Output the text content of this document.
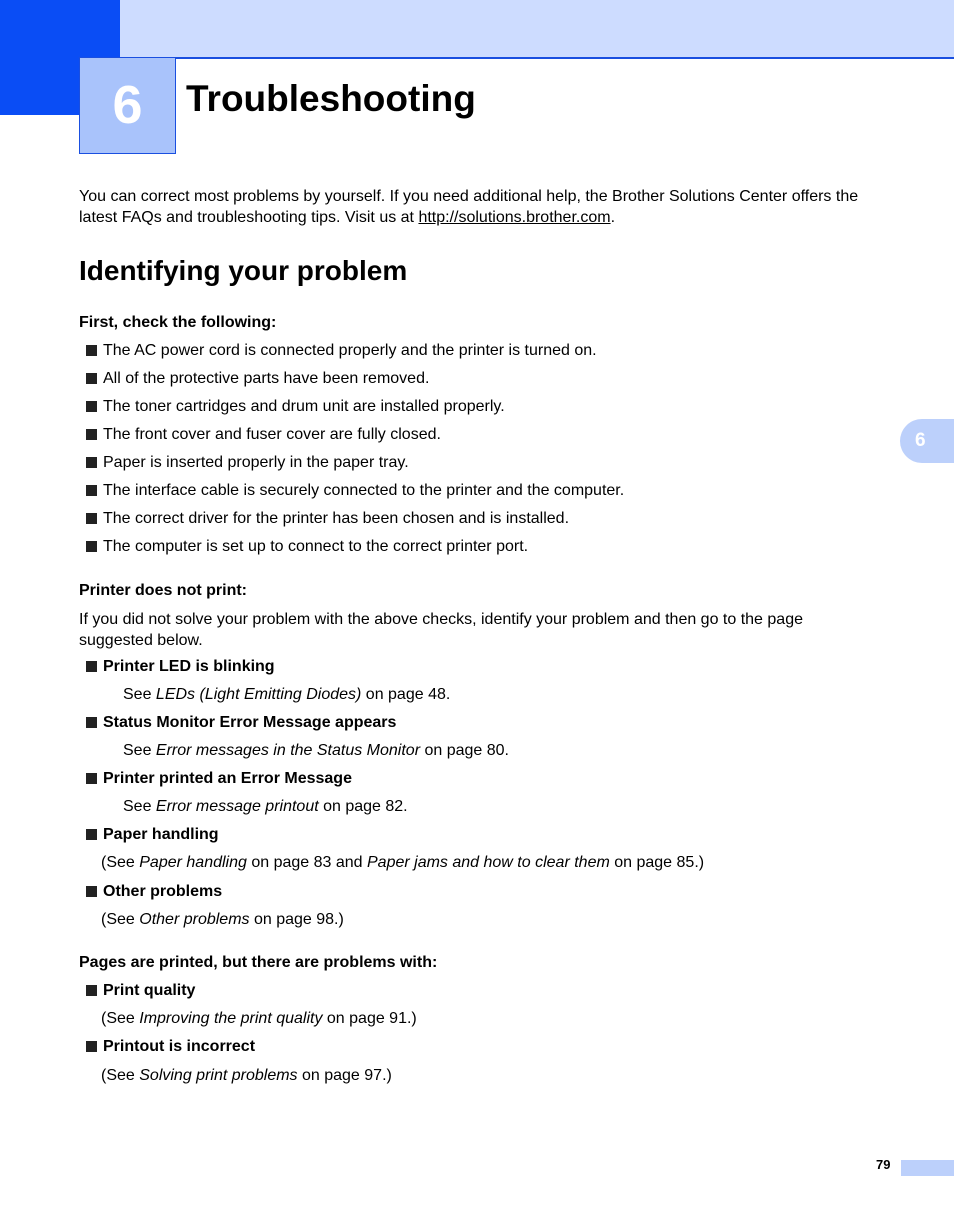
6	Troubleshooting

You can correct most problems by yourself. If you need additional help, the Brother Solutions Center offers the latest FAQs and troubleshooting tips. Visit us at http://solutions.brother.com.

Identifying your problem

First, check the following:

The AC power cord is connected properly and the printer is turned on.
All of the protective parts have been removed.
The toner cartridges and drum unit are installed properly.
The front cover and fuser cover are fully closed.
Paper is inserted properly in the paper tray.
The interface cable is securely connected to the printer and the computer.
The correct driver for the printer has been chosen and is installed.
The computer is set up to connect to the correct printer port.

Printer does not print:

If you did not solve your problem with the above checks, identify your problem and then go to the page suggested below.

Printer LED is blinking
See LEDs (Light Emitting Diodes) on page 48.
Status Monitor Error Message appears
See Error messages in the Status Monitor on page 80.
Printer printed an Error Message
See Error message printout on page 82.
Paper handling
(See Paper handling on page 83 and Paper jams and how to clear them on page 85.)
Other problems
(See Other problems on page 98.)

Pages are printed, but there are problems with:

Print quality
(See Improving the print quality on page 91.)
Printout is incorrect
(See Solving print problems on page 97.)
6
79
